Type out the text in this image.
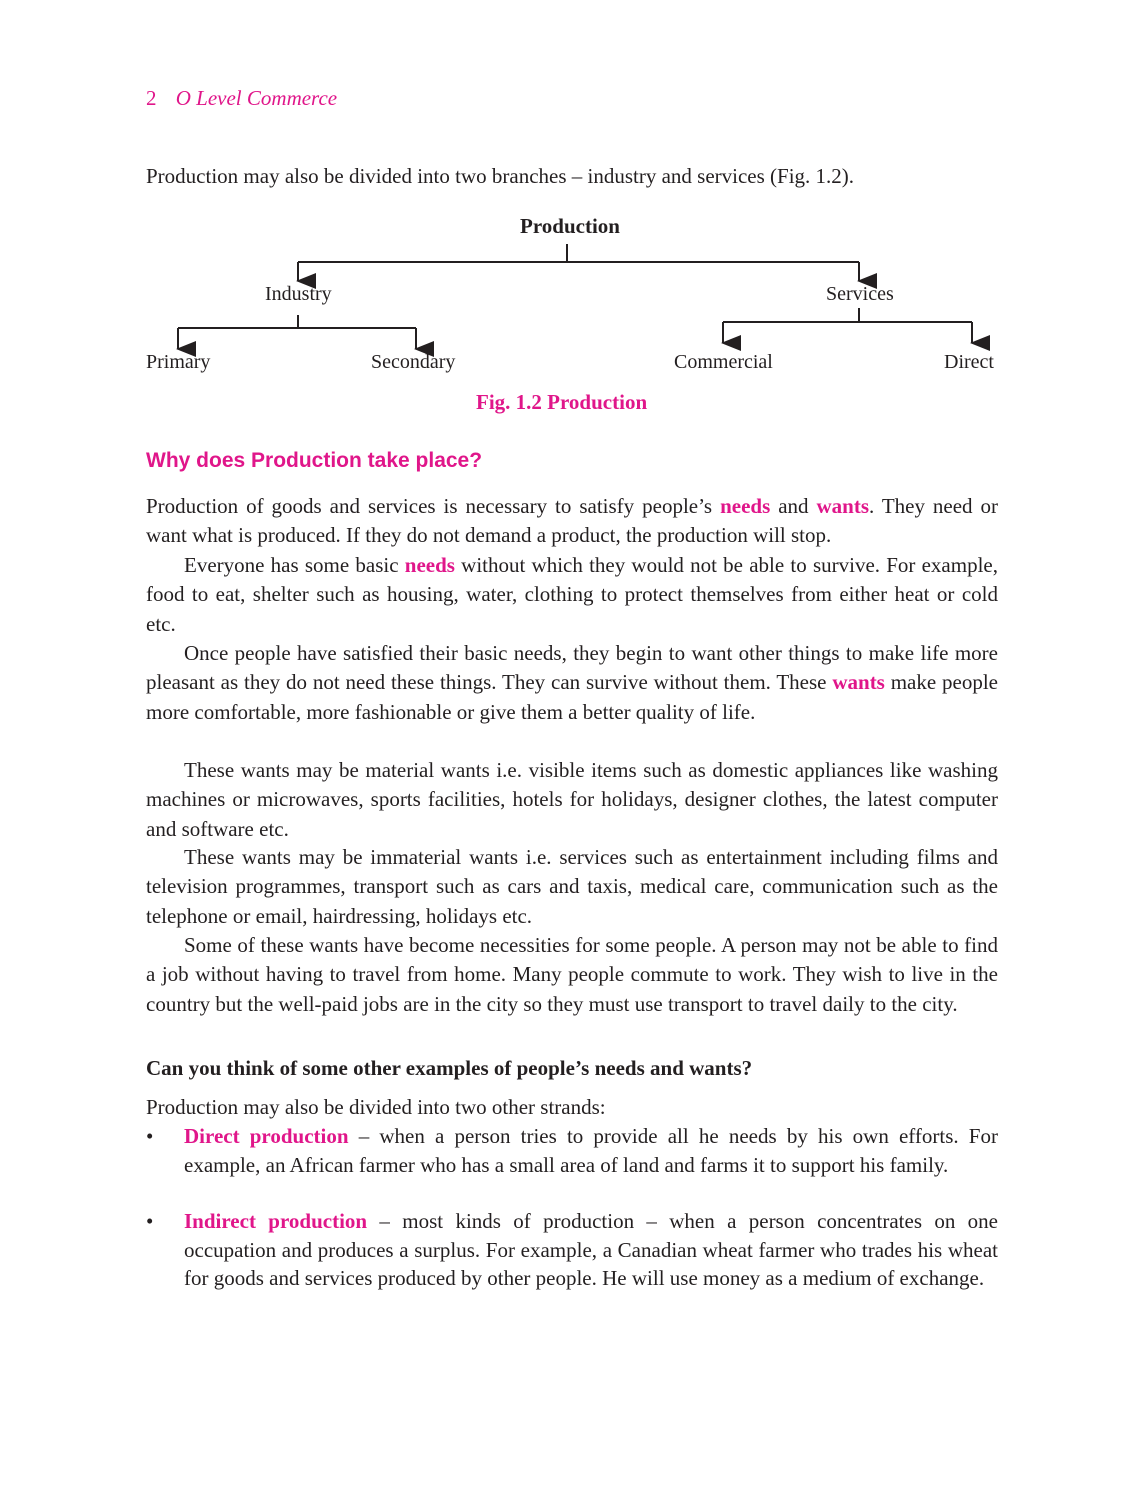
2 O Level Commerce
Production may also be divided into two branches – industry and services (Fig. 1.2).
Production
Industry	Services
Primary	Secondary	Commercial	Direct
Fig. 1.2 Production
Why does Production take place?
Production of goods and services is necessary to satisfy people’s needs and wants. They need or want what is produced. If they do not demand a product, the production will stop.
Everyone has some basic needs without which they would not be able to survive. For example, food to eat, shelter such as housing, water, clothing to protect themselves from either heat or cold etc.
Once people have satisfied their basic needs, they begin to want other things to make life more pleasant as they do not need these things. They can survive without them. These wants make people more comfortable, more fashionable or give them a better quality of life.
These wants may be material wants i.e. visible items such as domestic appliances like washing machines or microwaves, sports facilities, hotels for holidays, designer clothes, the latest computer and software etc.
These wants may be immaterial wants i.e. services such as entertainment including films and television programmes, transport such as cars and taxis, medical care, communication such as the telephone or email, hairdressing, holidays etc.
Some of these wants have become necessities for some people. A person may not be able to find a job without having to travel from home. Many people commute to work. They wish to live in the country but the well-paid jobs are in the city so they must use transport to travel daily to the city.
Can you think of some other examples of people’s needs and wants?
Production may also be divided into two other strands:
• Direct production – when a person tries to provide all he needs by his own efforts. For example, an African farmer who has a small area of land and farms it to support his family.
• Indirect production – most kinds of production – when a person concentrates on one occupation and produces a surplus. For example, a Canadian wheat farmer who trades his wheat for goods and services produced by other people. He will use money as a medium of exchange.
